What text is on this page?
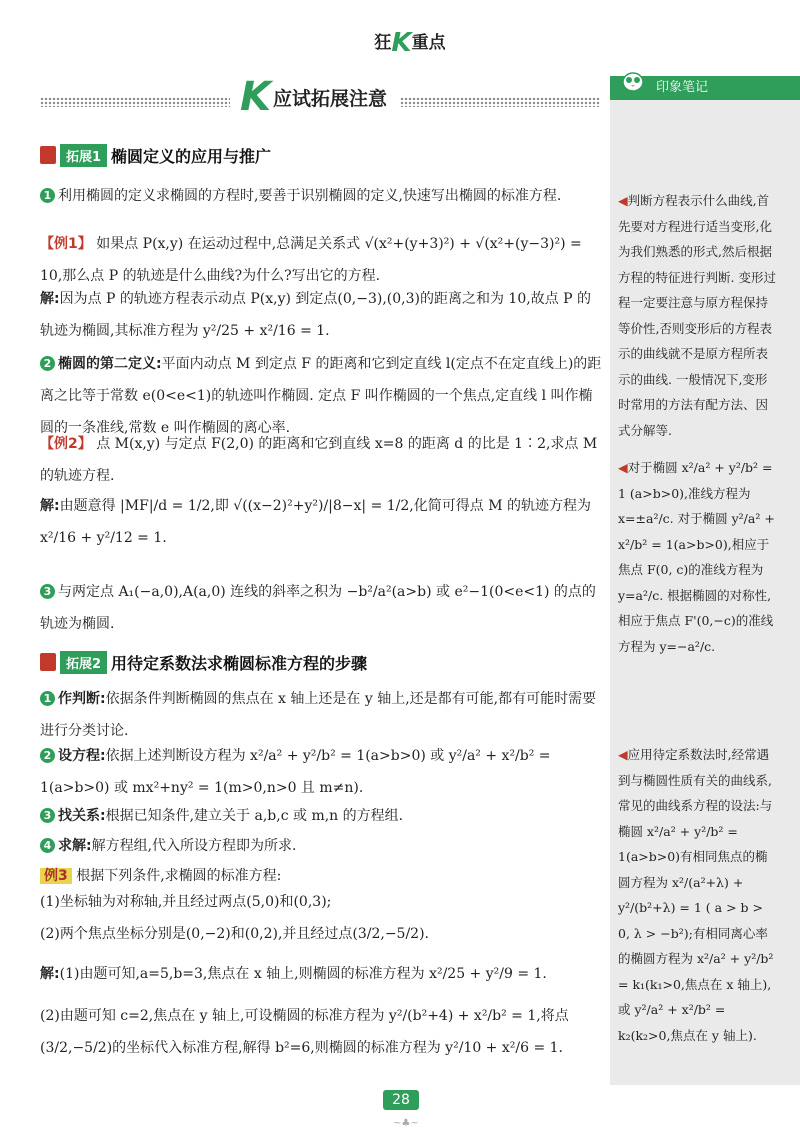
狂K重点
K 应试拓展注意	印象笔记
◀判断方程表示什么曲线,首先要对方程进行适当变形,化为我们熟悉的形式,然后根据方程的特征进行判断. 变形过程一定要注意与原方程保持等价性,否则变形后的方程表示的曲线就不是原方程所表示的曲线. 一般情况下,变形时常用的方法有配方法、因式分解等.
◀对于椭圆 x²/a² + y²/b² = 1 (a>b>0),准线方程为 x=±a²/c. 对于椭圆 y²/a² + x²/b² = 1(a>b>0),相应于焦点 F(0, c)的准线方程为 y=a²/c. 根据椭圆的对称性,相应于焦点 F'(0,−c)的准线方程为 y=−a²/c.
◀应用待定系数法时,经常遇到与椭圆性质有关的曲线系,常见的曲线系方程的设法:与椭圆 x²/a² + y²/b² = 1(a>b>0)有相同焦点的椭圆方程为 x²/(a²+λ) + y²/(b²+λ) = 1 ( a > b > 0, λ > −b²);有相同离心率的椭圆方程为 x²/a² + y²/b² = k₁(k₁>0,焦点在 x 轴上),或 y²/a² + x²/b² = k₂(k₂>0,焦点在 y 轴上).
拓展1 椭圆定义的应用与推广
1 利用椭圆的定义求椭圆的方程时,要善于识别椭圆的定义,快速写出椭圆的标准方程.
【例1】 如果点 P(x,y) 在运动过程中,总满足关系式 √(x²+(y+3)²) + √(x²+(y−3)²) = 10,那么点 P 的轨迹是什么曲线?为什么?写出它的方程.
解:因为点 P 的轨迹方程表示动点 P(x,y) 到定点(0,−3),(0,3)的距离之和为 10,故点 P 的轨迹为椭圆,其标准方程为 y²/25 + x²/16 = 1.
2 椭圆的第二定义:平面内动点 M 到定点 F 的距离和它到定直线 l(定点不在定直线上)的距离之比等于常数 e(0<e<1)的轨迹叫作椭圆. 定点 F 叫作椭圆的一个焦点,定直线 l 叫作椭圆的一条准线,常数 e 叫作椭圆的离心率.
【例2】 点 M(x,y) 与定点 F(2,0) 的距离和它到直线 x=8 的距离 d 的比是 1∶2,求点 M 的轨迹方程.
解:由题意得 |MF|/d = 1/2,即 √((x−2)²+y²)/|8−x| = 1/2,化简可得点 M 的轨迹方程为 x²/16 + y²/12 = 1.
3 与两定点 A₁(−a,0),A(a,0) 连线的斜率之积为 −b²/a²(a>b) 或 e²−1(0<e<1) 的点的轨迹为椭圆.
拓展2 用待定系数法求椭圆标准方程的步骤
1 作判断:依据条件判断椭圆的焦点在 x 轴上还是在 y 轴上,还是都有可能,都有可能时需要进行分类讨论.
2 设方程:依据上述判断设方程为 x²/a² + y²/b² = 1(a>b>0) 或 y²/a² + x²/b² = 1(a>b>0) 或 mx²+ny² = 1(m>0,n>0 且 m≠n).
3 找关系:根据已知条件,建立关于 a,b,c 或 m,n 的方程组.
4 求解:解方程组,代入所设方程即为所求.
例3 根据下列条件,求椭圆的标准方程:
(1)坐标轴为对称轴,并且经过两点(5,0)和(0,3);
(2)两个焦点坐标分别是(0,−2)和(0,2),并且经过点(3/2,−5/2).
解:(1)由题可知,a=5,b=3,焦点在 x 轴上,则椭圆的标准方程为 x²/25 + y²/9 = 1.
(2)由题可知 c=2,焦点在 y 轴上,可设椭圆的标准方程为 y²/(b²+4) + x²/b² = 1,将点(3/2,−5/2)的坐标代入标准方程,解得 b²=6,则椭圆的标准方程为 y²/10 + x²/6 = 1.
28
~♣~
